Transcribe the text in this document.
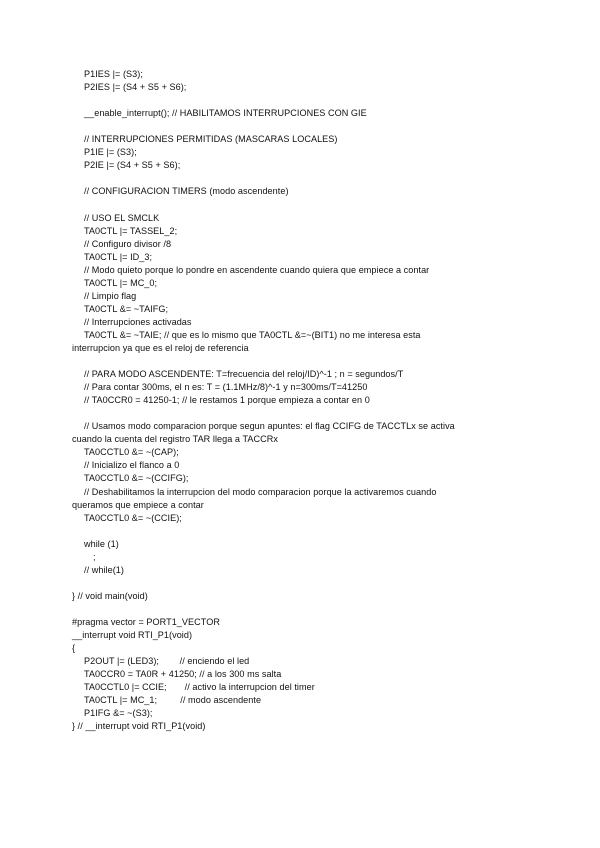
P1IES |= (S3);
P2IES |= (S4 + S5 + S6);
__enable_interrupt(); // HABILITAMOS INTERRUPCIONES CON GIE
// INTERRUPCIONES PERMITIDAS (MASCARAS LOCALES)
P1IE |= (S3);
P2IE |= (S4 + S5 + S6);
// CONFIGURACION TIMERS (modo ascendente)
// USO EL SMCLK
TA0CTL |= TASSEL_2;
// Configuro divisor /8
TA0CTL |= ID_3;
// Modo quieto porque lo pondre en ascendente cuando quiera que empiece a contar
TA0CTL |= MC_0;
// Limpio flag
TA0CTL &= ~TAIFG;
// Interrupciones activadas
TA0CTL &= ~TAIE; // que es lo mismo que TA0CTL &=~(BIT1) no me interesa esta
interrupcion ya que es el reloj de referencia
// PARA MODO ASCENDENTE: T=frecuencia del reloj/ID)^-1 ; n = segundos/T
// Para contar 300ms, el n es: T = (1.1MHz/8)^-1 y n=300ms/T=41250
// TA0CCR0 = 41250-1; // le restamos 1 porque empieza a contar en 0
// Usamos modo comparacion porque segun apuntes: el flag CCIFG de TACCTLx se activa
cuando la cuenta del registro TAR llega a TACCRx
TA0CCTL0 &= ~(CAP);
// Inicializo el flanco a 0
TA0CCTL0 &= ~(CCIFG);
// Deshabilitamos la interrupcion del modo comparacion porque la activaremos cuando
queramos que empiece a contar
TA0CCTL0 &= ~(CCIE);
while (1)
;
// while(1)
} // void main(void)
#pragma vector = PORT1_VECTOR
__interrupt void RTI_P1(void)
{
P2OUT |= (LED3);        // enciendo el led
TA0CCR0 = TA0R + 41250; // a los 300 ms salta
TA0CCTL0 |= CCIE;       // activo la interrupcion del timer
TA0CTL |= MC_1;         // modo ascendente
P1IFG &= ~(S3);
} // __interrupt void RTI_P1(void)
